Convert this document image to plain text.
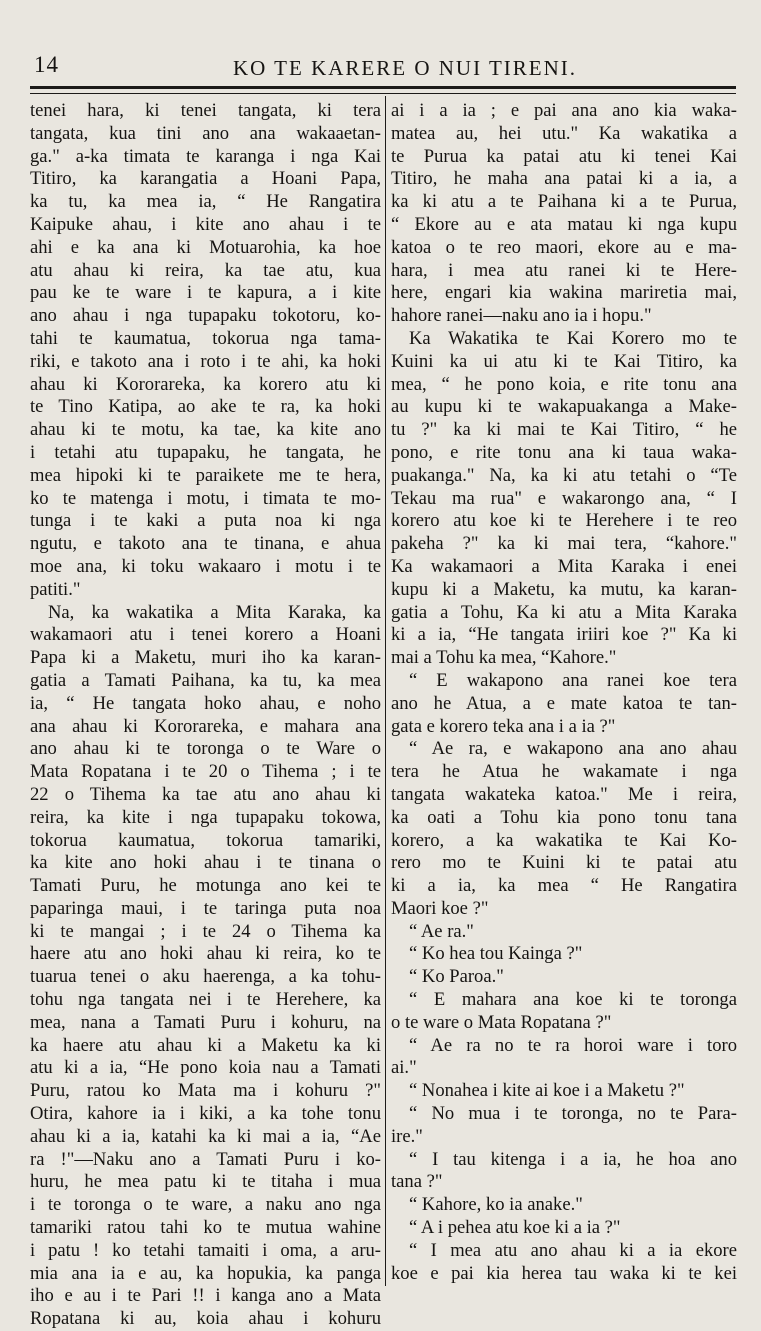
14	KO TE KARERE O NUI TIRENI.
tenei hara, ki tenei tangata, ki tera
tangata, kua tini ano ana wakaaetan-
ga." a-ka timata te karanga i nga Kai
Titiro, ka karangatia a Hoani Papa,
ka tu, ka mea ia, “ He Rangatira
Kaipuke ahau, i kite ano ahau i te
ahi e ka ana ki Motuarohia, ka hoe
atu ahau ki reira, ka tae atu, kua
pau ke te ware i te kapura, a i kite
ano ahau i nga tupapaku tokotoru, ko-
tahi te kaumatua, tokorua nga tama-
riki, e takoto ana i roto i te ahi, ka hoki
ahau ki Kororareka, ka korero atu ki
te Tino Katipa, ao ake te ra, ka hoki
ahau ki te motu, ka tae, ka kite ano
i tetahi atu tupapaku, he tangata, he
mea hipoki ki te paraikete me te hera,
ko te matenga i motu, i timata te mo-
tunga i te kaki a puta noa ki nga
ngutu, e takoto ana te tinana, e ahua
moe ana, ki toku wakaaro i motu i te
patiti."
Na, ka wakatika a Mita Karaka, ka
wakamaori atu i tenei korero a Hoani
Papa ki a Maketu, muri iho ka karan-
gatia a Tamati Paihana, ka tu, ka mea
ia, “ He tangata hoko ahau, e noho
ana ahau ki Kororareka, e mahara ana
ano ahau ki te toronga o te Ware o
Mata Ropatana i te 20 o Tihema ; i te
22 o Tihema ka tae atu ano ahau ki
reira, ka kite i nga tupapaku tokowa,
tokorua kaumatua, tokorua tamariki,
ka kite ano hoki ahau i te tinana o
Tamati Puru, he motunga ano kei te
paparinga maui, i te taringa puta noa
ki te mangai ; i te 24 o Tihema ka
haere atu ano hoki ahau ki reira, ko te
tuarua tenei o aku haerenga, a ka tohu-
tohu nga tangata nei i te Herehere, ka
mea, nana a Tamati Puru i kohuru, na
ka haere atu ahau ki a Maketu ka ki
atu ki a ia, “He pono koia nau a Tamati
Puru, ratou ko Mata ma i kohuru ?"
Otira, kahore ia i kiki, a ka tohe tonu
ahau ki a ia, katahi ka ki mai a ia, “Ae
ra !"—Naku ano a Tamati Puru i ko-
huru, he mea patu ki te titaha i mua
i te toronga o te ware, a naku ano nga
tamariki ratou tahi ko te mutua wahine
i patu ! ko tetahi tamaiti i oma, a aru-
mia ana ia e au, ka hopukia, ka panga
iho e au i te Pari !! i kanga ano a Mata
Ropatana ki au, koia ahau i kohuru
ai i a ia ; e pai ana ano kia waka-
matea au, hei utu." Ka wakatika a
te Purua ka patai atu ki tenei Kai
Titiro, he maha ana patai ki a ia, a
ka ki atu a te Paihana ki a te Purua,
“ Ekore au e ata matau ki nga kupu
katoa o te reo maori, ekore au e ma-
hara, i mea atu ranei ki te Here-
here, engari kia wakina mariretia mai,
hahore ranei—naku ano ia i hopu."
Ka Wakatika te Kai Korero mo te
Kuini ka ui atu ki te Kai Titiro, ka
mea, “ he pono koia, e rite tonu ana
au kupu ki te wakapuakanga a Make-
tu ?" ka ki mai te Kai Titiro, “ he
pono, e rite tonu ana ki taua waka-
puakanga." Na, ka ki atu tetahi o “Te
Tekau ma rua" e wakarongo ana, “ I
korero atu koe ki te Herehere i te reo
pakeha ?" ka ki mai tera, “kahore."
Ka wakamaori a Mita Karaka i enei
kupu ki a Maketu, ka mutu, ka karan-
gatia a Tohu, Ka ki atu a Mita Karaka
ki a ia, “He tangata iriiri koe ?" Ka ki
mai a Tohu ka mea, “Kahore."
“ E wakapono ana ranei koe tera
ano he Atua, a e mate katoa te tan-
gata e korero teka ana i a ia ?"
“ Ae ra, e wakapono ana ano ahau
tera he Atua he wakamate i nga
tangata wakateka katoa." Me i reira,
ka oati a Tohu kia pono tonu tana
korero, a ka wakatika te Kai Ko-
rero mo te Kuini ki te patai atu
ki a ia, ka mea “ He Rangatira
Maori koe ?"
“ Ae ra."
“ Ko hea tou Kainga ?"
“ Ko Paroa."
“ E mahara ana koe ki te toronga
o te ware o Mata Ropatana ?"
“ Ae ra no te ra horoi ware i toro
ai."
“ Nonahea i kite ai koe i a Maketu ?"
“ No mua i te toronga, no te Para-
ire."
“ I tau kitenga i a ia, he hoa ano
tana ?"
“ Kahore, ko ia anake."
“ A i pehea atu koe ki a ia ?"
“ I mea atu ano ahau ki a ia ekore
koe e pai kia herea tau waka ki te kei
